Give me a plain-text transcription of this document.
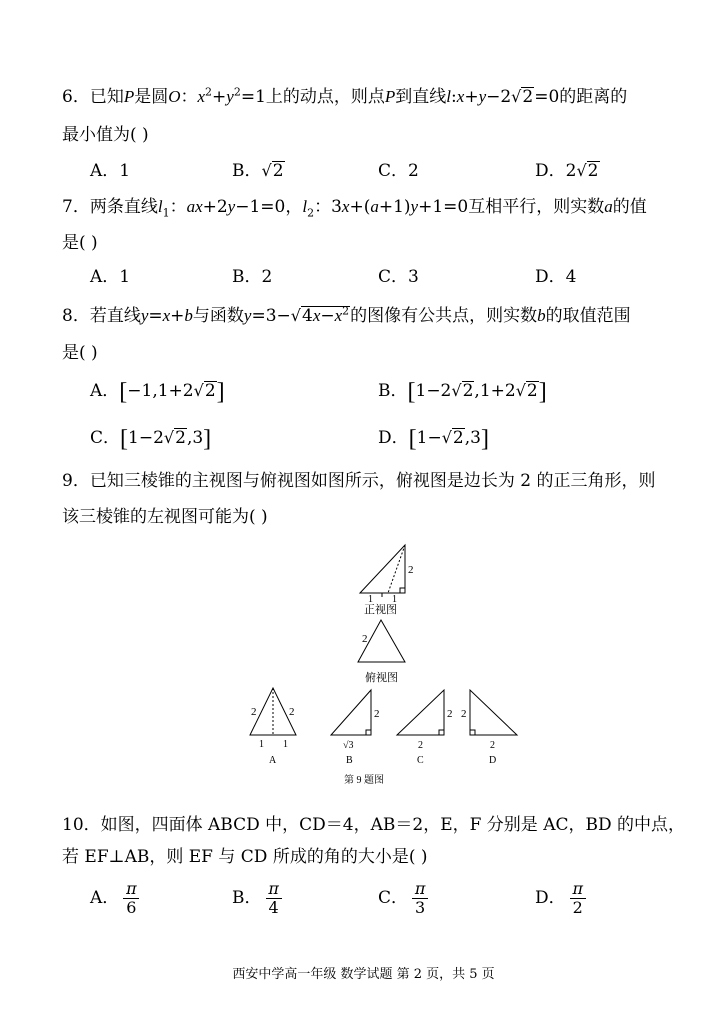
6．已知P是圆O：$x^2+y^2=1$上的动点，则点P到直线l:x+y−2√2=0的距离的
最小值为( )
A．1	B．√2	C．2	D．2√2
7．两条直线$l_1$：ax+2y−1=0，$l_2$：3x+(a+1)y+1=0互相平行，则实数a的值
是( )
A．1	B．2	C．3	D．4
8．若直线y=x+b与函数$y=3-√4x-x^2$的图像有公共点，则实数b的取值范围
是( )
A．[−1,1+2√2]	B．[1−2√2,1+2√2]
C．[1−2√2,3]	D．[1−√2,3]
9．已知三棱锥的主视图与俯视图如图所示，俯视图是边长为 2 的正三角形，则
该三棱锥的左视图可能为( )
2
1 1
正视图
2
俯视图
2	2
1 1
A
2
√3
B
2
2
C
2
2
D
第 9 题图
10．如图，四面体 ABCD 中，CD＝4，AB＝2，E，F 分别是 AC，BD 的中点，
若 EF⊥AB，则 EF 与 CD 所成的角的大小是( )
A． $\frac{\pi}{6}$	B． $\frac{\pi}{4}$	C． $\frac{\pi}{3}$	D． $\frac{\pi}{2}$
西安中学高一年级 数学试题 第 2 页，共 5 页
